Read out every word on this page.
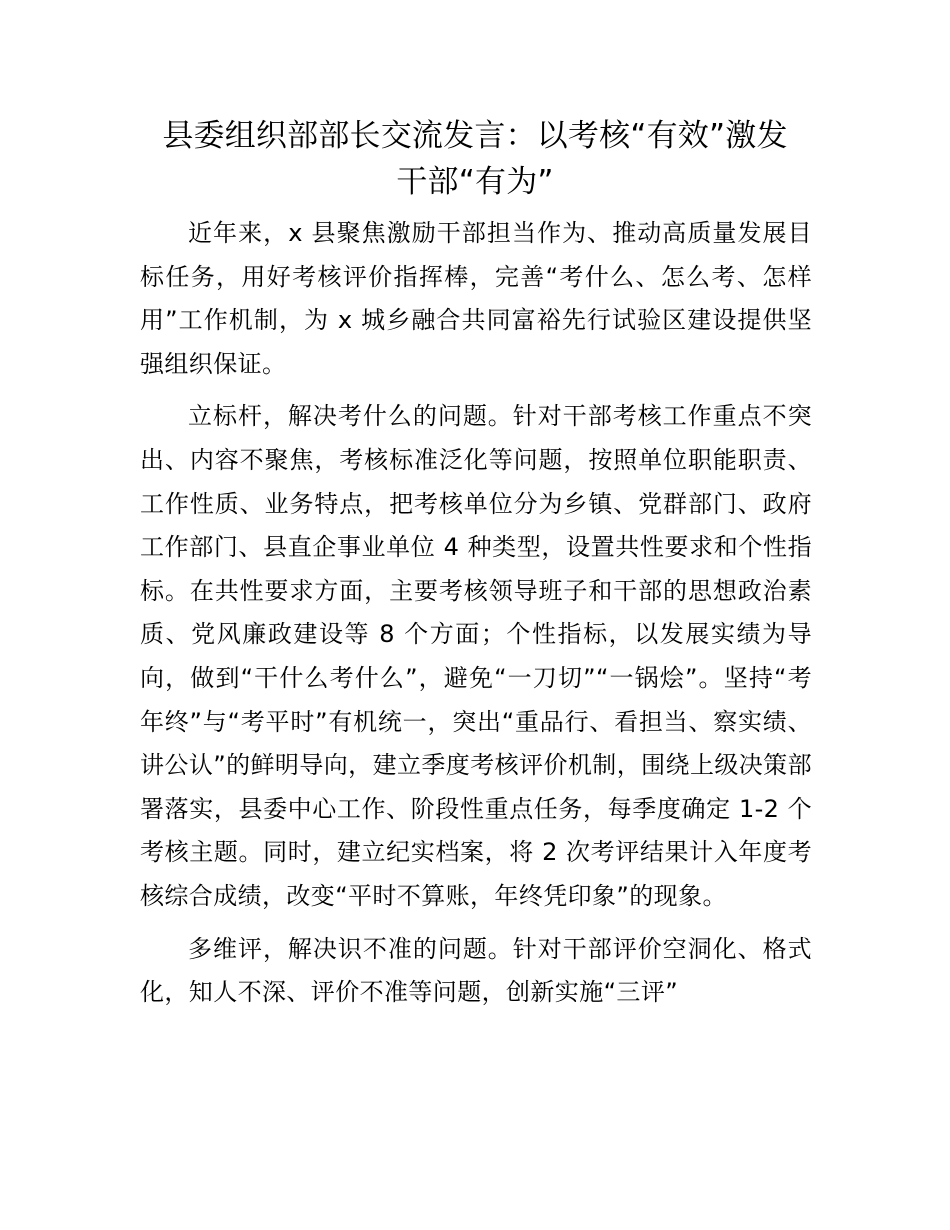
县委组织部部长交流发言：以考核“有效”激发
干部“有为”

近年来，x 县聚焦激励干部担当作为、推动高质量发展目标任务，用好考核评价指挥棒，完善“考什么、怎么考、怎样用”工作机制，为 x 城乡融合共同富裕先行试验区建设提供坚强组织保证。

立标杆，解决考什么的问题。针对干部考核工作重点不突出、内容不聚焦，考核标准泛化等问题，按照单位职能职责、工作性质、业务特点，把考核单位分为乡镇、党群部门、政府工作部门、县直企事业单位 4 种类型，设置共性要求和个性指标。在共性要求方面，主要考核领导班子和干部的思想政治素质、党风廉政建设等 8 个方面；个性指标，以发展实绩为导向，做到“干什么考什么”，避免“一刀切”“一锅烩”。坚持“考年终”与“考平时”有机统一，突出“重品行、看担当、察实绩、讲公认”的鲜明导向，建立季度考核评价机制，围绕上级决策部署落实，县委中心工作、阶段性重点任务，每季度确定 1-2 个考核主题。同时，建立纪实档案，将 2 次考评结果计入年度考核综合成绩，改变“平时不算账，年终凭印象”的现象。

多维评，解决识不准的问题。针对干部评价空洞化、格式化，知人不深、评价不准等问题，创新实施“三评”
